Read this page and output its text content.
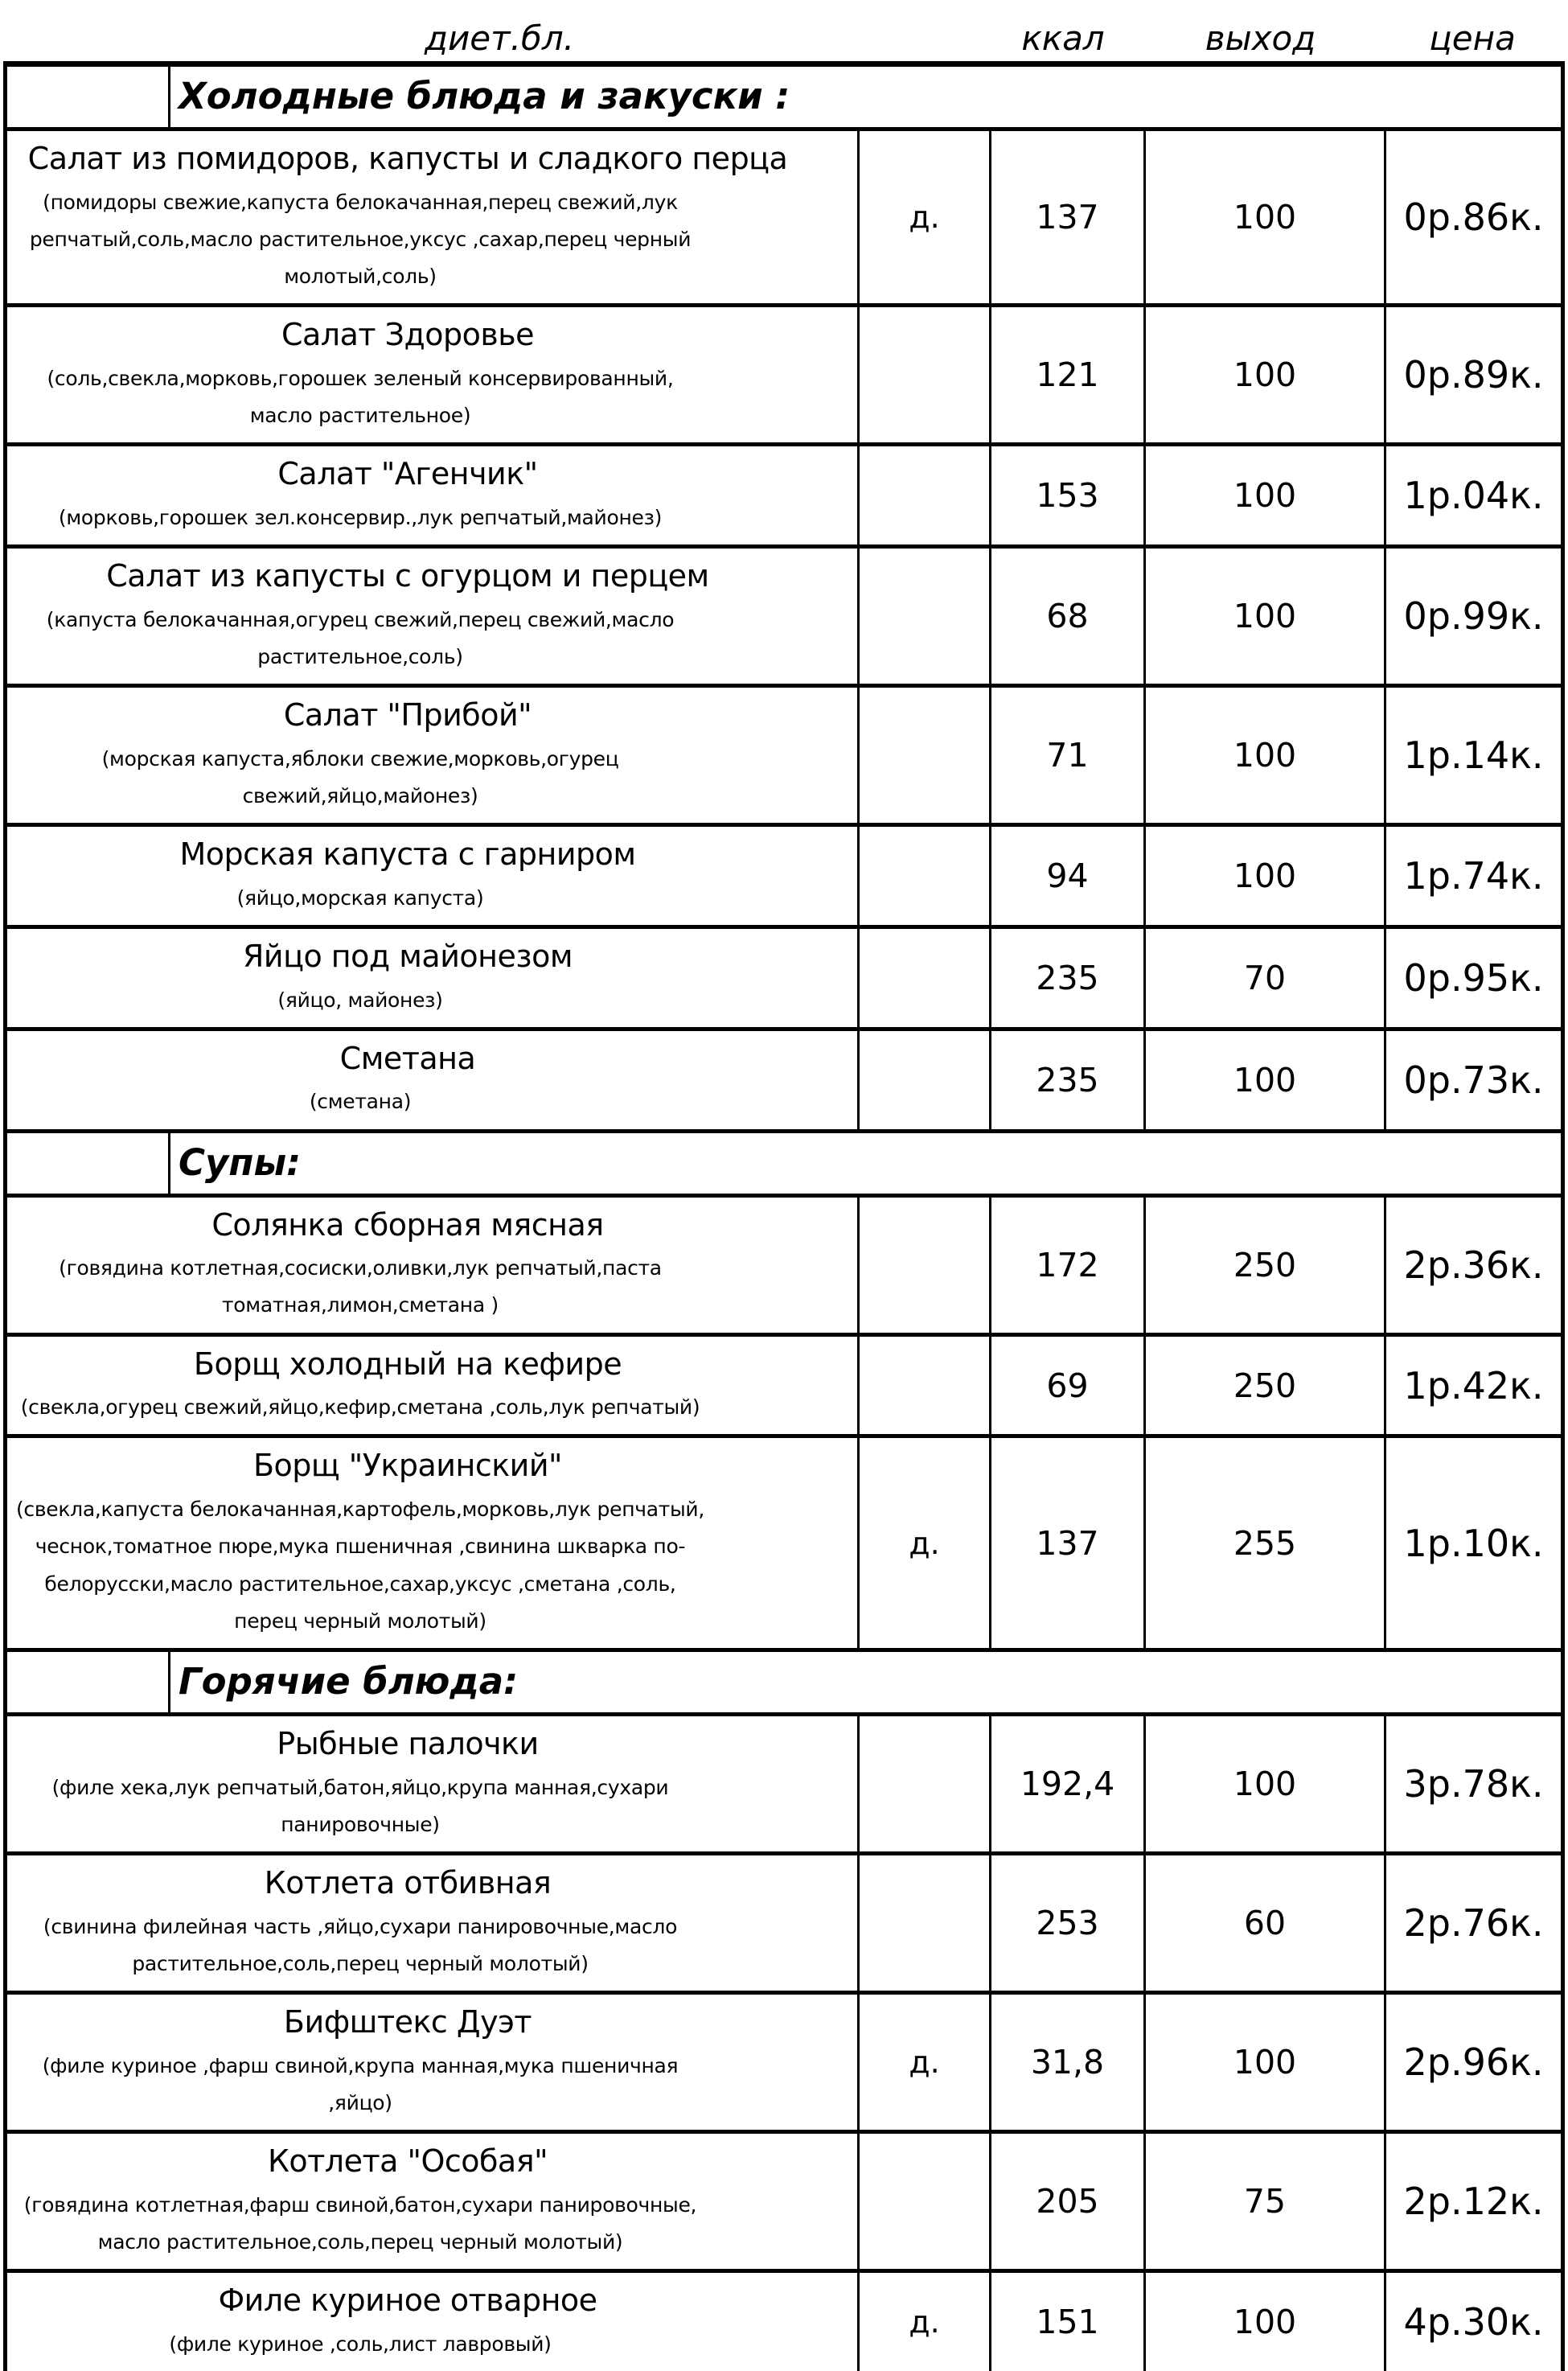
диет.бл.	ккал	выход	цена
Холодные блюда и закуски :
Салат из помидоров, капусты и сладкого перца
(помидоры свежие,капуста белокачанная,перец свежий,лук репчатый,соль,масло растительное,уксус ,сахар,перец черный молотый,соль)
д.	137	100	0р.86к.
Салат Здоровье
(соль,свекла,морковь,горошек зеленый консервированный, масло растительное)
121	100	0р.89к.
Салат "Агенчик"
(морковь,горошек зел.консервир.,лук репчатый,майонез)
153	100	1р.04к.
Салат из капусты с огурцом и перцем
(капуста белокачанная,огурец свежий,перец свежий,масло растительное,соль)
68	100	0р.99к.
Салат "Прибой"
(морская капуста,яблоки свежие,морковь,огурец свежий,яйцо,майонез)
71	100	1р.14к.
Морская капуста с гарниром
(яйцо,морская капуста)
94	100	1р.74к.
Яйцо под майонезом
(яйцо, майонез)
235	70	0р.95к.
Сметана
(сметана)
235	100	0р.73к.
Супы:
Солянка сборная мясная
(говядина котлетная,сосиски,оливки,лук репчатый,паста томатная,лимон,сметана )
172	250	2р.36к.
Борщ холодный на кефире
(свекла,огурец свежий,яйцо,кефир,сметана ,соль,лук репчатый)
69	250	1р.42к.
Борщ "Украинский"
(свекла,капуста белокачанная,картофель,морковь,лук репчатый, чеснок,томатное пюре,мука пшеничная ,свинина шкварка по-белорусски,масло растительное,сахар,уксус ,сметана ,соль, перец черный молотый)
д.	137	255	1р.10к.
Горячие блюда:
Рыбные палочки
(филе хека,лук репчатый,батон,яйцо,крупа манная,сухари панировочные)
192,4	100	3р.78к.
Котлета отбивная
(свинина филейная часть ,яйцо,сухари панировочные,масло растительное,соль,перец черный молотый)
253	60	2р.76к.
Бифштекс Дуэт
(филе куриное ,фарш свиной,крупа манная,мука пшеничная ,яйцо)
д.	31,8	100	2р.96к.
Котлета "Особая"
(говядина котлетная,фарш свиной,батон,сухари панировочные, масло растительное,соль,перец черный молотый)
205	75	2р.12к.
Филе куриное отварное
(филе куриное ,соль,лист лавровый)
д.	151	100	4р.30к.
